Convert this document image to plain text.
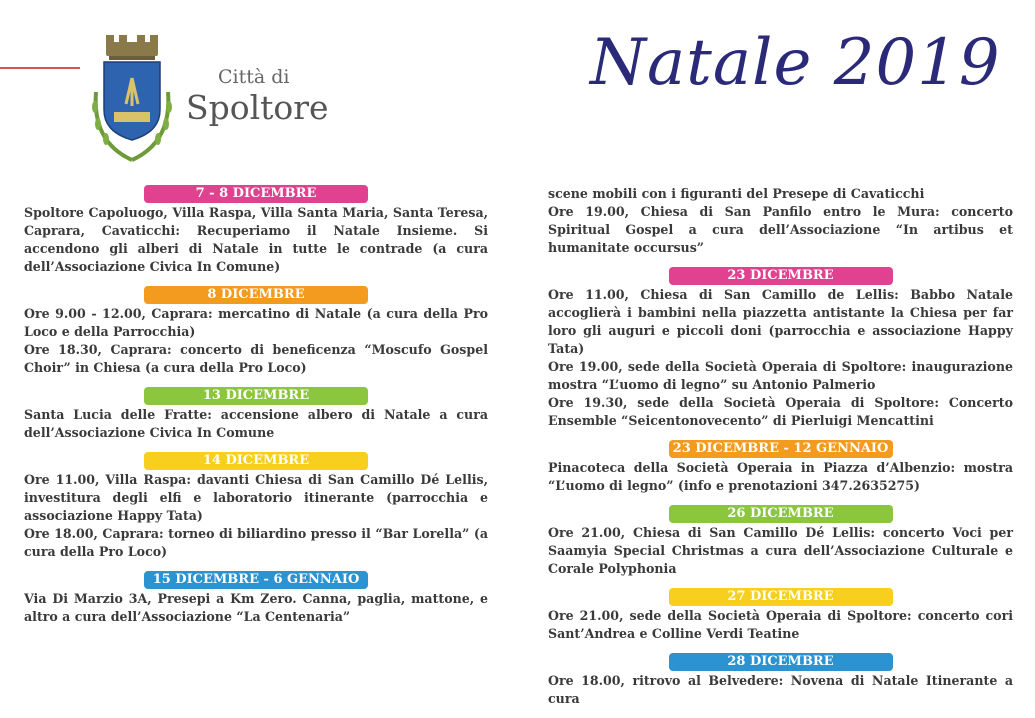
Città di
Spoltore
Natale 2019
7 - 8 DICEMBRE
Spoltore Capoluogo, Villa Raspa, Villa Santa Maria, Santa Teresa, Caprara, Cavaticchi: Recuperiamo il Natale Insieme. Si accendono gli alberi di Natale in tutte le contrade (a cura dell’Associazione Civica In Comune)
8 DICEMBRE
Ore 9.00 - 12.00, Caprara: mercatino di Natale (a cura della Pro Loco e della Parrocchia)
Ore 18.30, Caprara: concerto di beneficenza “Moscufo Gospel Choir” in Chiesa (a cura della Pro Loco)
13 DICEMBRE
Santa Lucia delle Fratte: accensione albero di Natale a cura dell’Associazione Civica In Comune
14 DICEMBRE
Ore 11.00, Villa Raspa: davanti Chiesa di San Camillo Dé Lellis, investitura degli elfi e laboratorio itinerante (parrocchia e associazione Happy Tata)
Ore 18.00, Caprara: torneo di biliardino presso il “Bar Lorella” (a cura della Pro Loco)
15 DICEMBRE - 6 GENNAIO
Via Di Marzio 3A, Presepi a Km Zero. Canna, paglia, mattone, e altro a cura dell’Associazione “La Centenaria”
scene mobili con i figuranti del Presepe di Cavaticchi
Ore 19.00, Chiesa di San Panfilo entro le Mura: concerto Spiritual Gospel a cura dell’Associazione “In artibus et humanitate occursus”
23 DICEMBRE
Ore 11.00, Chiesa di San Camillo de Lellis: Babbo Natale accoglierà i bambini nella piazzetta antistante la Chiesa per far loro gli auguri e piccoli doni (parrocchia e associazione Happy Tata)
Ore 19.00, sede della Società Operaia di Spoltore: inaugurazione mostra “L’uomo di legno” su Antonio Palmerio
Ore 19.30, sede della Società Operaia di Spoltore: Concerto Ensemble “Seicentonovecento” di Pierluigi Mencattini
23 DICEMBRE - 12 GENNAIO
Pinacoteca della Società Operaia in Piazza d’Albenzio: mostra “L’uomo di legno” (info e prenotazioni 347.2635275)
26 DICEMBRE
Ore 21.00, Chiesa di San Camillo Dé Lellis: concerto Voci per Saamyia Special Christmas a cura dell’Associazione Culturale e Corale Polyphonia
27 DICEMBRE
Ore 21.00, sede della Società Operaia di Spoltore: concerto cori Sant’Andrea e Colline Verdi Teatine
28 DICEMBRE
Ore 18.00, ritrovo al Belvedere: Novena di Natale Itinerante a cura
